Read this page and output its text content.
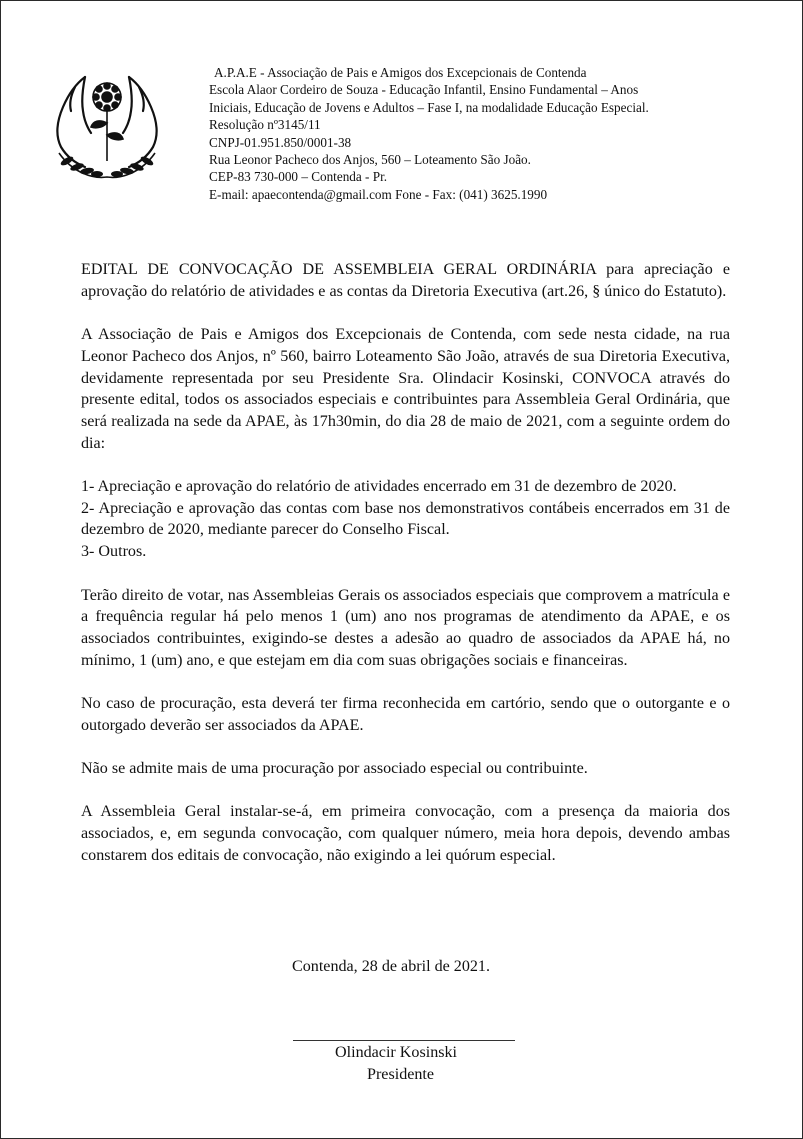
A.P.A.E - Associação de Pais e Amigos dos Excepcionais de Contenda
Escola Alaor Cordeiro de Souza - Educação Infantil, Ensino Fundamental – Anos
Iniciais, Educação de Jovens e Adultos – Fase I, na modalidade Educação Especial.
Resolução nº3145/11
CNPJ-01.951.850/0001-38
Rua Leonor Pacheco dos Anjos, 560 – Loteamento São João.
CEP-83 730-000 – Contenda - Pr.
E-mail: apaecontenda@gmail.com Fone - Fax: (041) 3625.1990

EDITAL DE CONVOCAÇÃO DE ASSEMBLEIA GERAL ORDINÁRIA para apreciação e aprovação do relatório de atividades e as contas da Diretoria Executiva (art.26, § único do Estatuto).

A Associação de Pais e Amigos dos Excepcionais de Contenda, com sede nesta cidade, na rua Leonor Pacheco dos Anjos, nº 560, bairro Loteamento São João, através de sua Diretoria Executiva, devidamente representada por seu Presidente Sra. Olindacir Kosinski, CONVOCA através do presente edital, todos os associados especiais e contribuintes para Assembleia Geral Ordinária, que será realizada na sede da APAE, às 17h30min, do dia 28 de maio de 2021, com a seguinte ordem do dia:

1- Apreciação e aprovação do relatório de atividades encerrado em 31 de dezembro de 2020.

2- Apreciação e aprovação das contas com base nos demonstrativos contábeis encerrados em 31 de dezembro de 2020, mediante parecer do Conselho Fiscal.

3- Outros.

Terão direito de votar, nas Assembleias Gerais os associados especiais que comprovem a matrícula e a frequência regular há pelo menos 1 (um) ano nos programas de atendimento da APAE, e os associados contribuintes, exigindo-se destes a adesão ao quadro de associados da APAE há, no mínimo, 1 (um) ano, e que estejam em dia com suas obrigações sociais e financeiras.

No caso de procuração, esta deverá ter firma reconhecida em cartório, sendo que o outorgante e o outorgado deverão ser associados da APAE.

Não se admite mais de uma procuração por associado especial ou contribuinte.

A Assembleia Geral instalar-se-á, em primeira convocação, com a presença da maioria dos associados, e, em segunda convocação, com qualquer número, meia hora depois, devendo ambas constarem dos editais de convocação, não exigindo a lei quórum especial.

Contenda, 28 de abril de 2021.
Olindacir Kosinski
Presidente
